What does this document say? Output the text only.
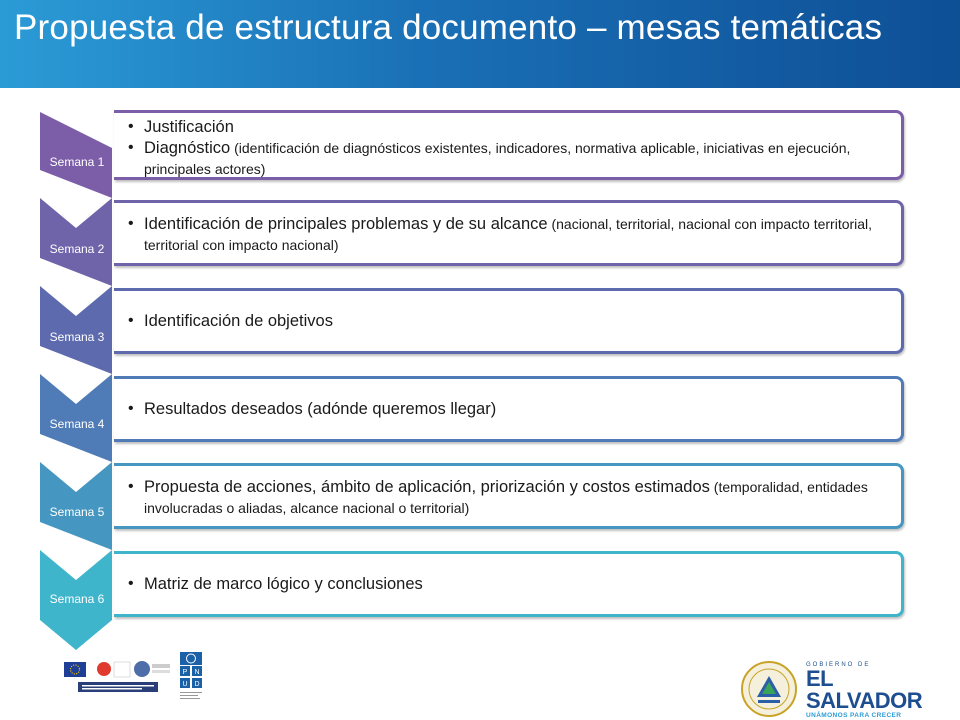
Propuesta de estructura documento – mesas temáticas
Semana 1
Semana 2
Semana 3
Semana 4
Semana 5
Semana 6
• Justificación
• Diagnóstico (identificación de diagnósticos existentes, indicadores, normativa aplicable, iniciativas en ejecución, principales actores)
• Identificación de principales problemas y de su alcance (nacional, territorial, nacional con impacto territorial, territorial con impacto nacional)
• Identificación de objetivos
• Resultados deseados (adónde queremos llegar)
• Propuesta de acciones, ámbito de aplicación, priorización y costos estimados (temporalidad, entidades involucradas o aliadas, alcance nacional o territorial)
• Matriz de marco lógico y conclusiones
P N
U D
GOBIERNO DE
EL SALVADOR
UNÁMONOS PARA CRECER
